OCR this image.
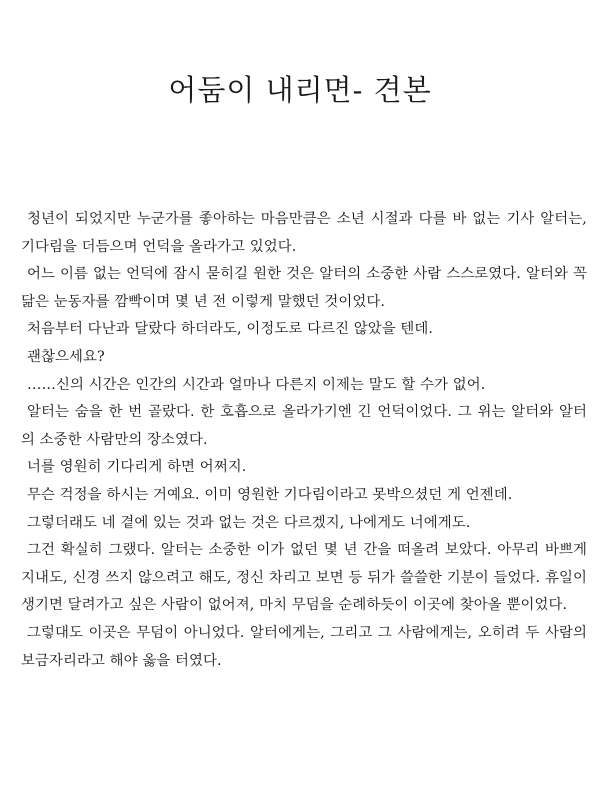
어둠이 내리면- 견본

청년이 되었지만 누군가를 좋아하는 마음만큼은 소년 시절과 다를 바 없는 기사 알터는, 기다림을 더듬으며 언덕을 올라가고 있었다.

어느 이름 없는 언덕에 잠시 묻히길 원한 것은 알터의 소중한 사람 스스로였다. 알터와 꼭 닮은 눈동자를 깜빡이며 몇 년 전 이렇게 말했던 것이었다.

처음부터 다난과 달랐다 하더라도, 이정도로 다르진 않았을 텐데.

괜찮으세요?

……신의 시간은 인간의 시간과 얼마나 다른지 이제는 말도 할 수가 없어.

알터는 숨을 한 번 골랐다. 한 호흡으로 올라가기엔 긴 언덕이었다. 그 위는 알터와 알터의 소중한 사람만의 장소였다.

너를 영원히 기다리게 하면 어쩌지.

무슨 걱정을 하시는 거예요. 이미 영원한 기다림이라고 못박으셨던 게 언젠데.

그렇더래도 네 곁에 있는 것과 없는 것은 다르겠지, 나에게도 너에게도.

그건 확실히 그랬다. 알터는 소중한 이가 없던 몇 년 간을 떠올려 보았다. 아무리 바쁘게 지내도, 신경 쓰지 않으려고 해도, 정신 차리고 보면 등 뒤가 쓸쓸한 기분이 들었다. 휴일이 생기면 달려가고 싶은 사람이 없어져, 마치 무덤을 순례하듯이 이곳에 찾아올 뿐이었다.

그렇대도 이곳은 무덤이 아니었다. 알터에게는, 그리고 그 사람에게는, 오히려 두 사람의 보금자리라고 해야 옳을 터였다.
